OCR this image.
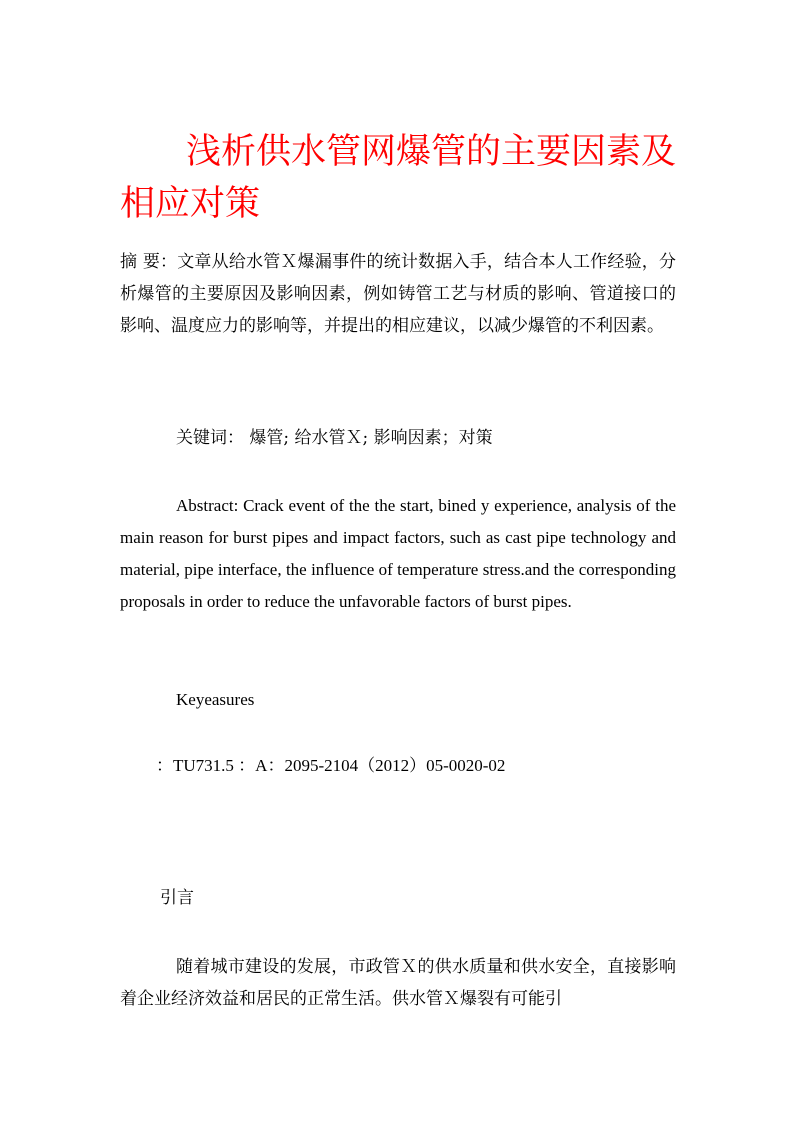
浅析供水管网爆管的主要因素及相应对策

摘 要：文章从给水管Ｘ爆漏事件的统计数据入手，结合本人工作经验，分析爆管的主要原因及影响因素，例如铸管工艺与材质的影响、管道接口的影响、温度应力的影响等，并提出的相应建议，以减少爆管的不利因素。

关键词： 爆管; 给水管Ｘ; 影响因素；对策

Abstract: Crack event of the the start, bined y experience, analysis of the main reason for burst pipes and impact factors, such as cast pipe technology and material, pipe interface, the influence of temperature stress.and the corresponding proposals in order to reduce the unfavorable factors of burst pipes.

Keyeasures

：TU731.5 ：A：2095-2104（2012）05-0020-02

引言

随着城市建设的发展，市政管Ｘ的供水质量和供水安全，直接影响着企业经济效益和居民的正常生活。供水管Ｘ爆裂有可能引
